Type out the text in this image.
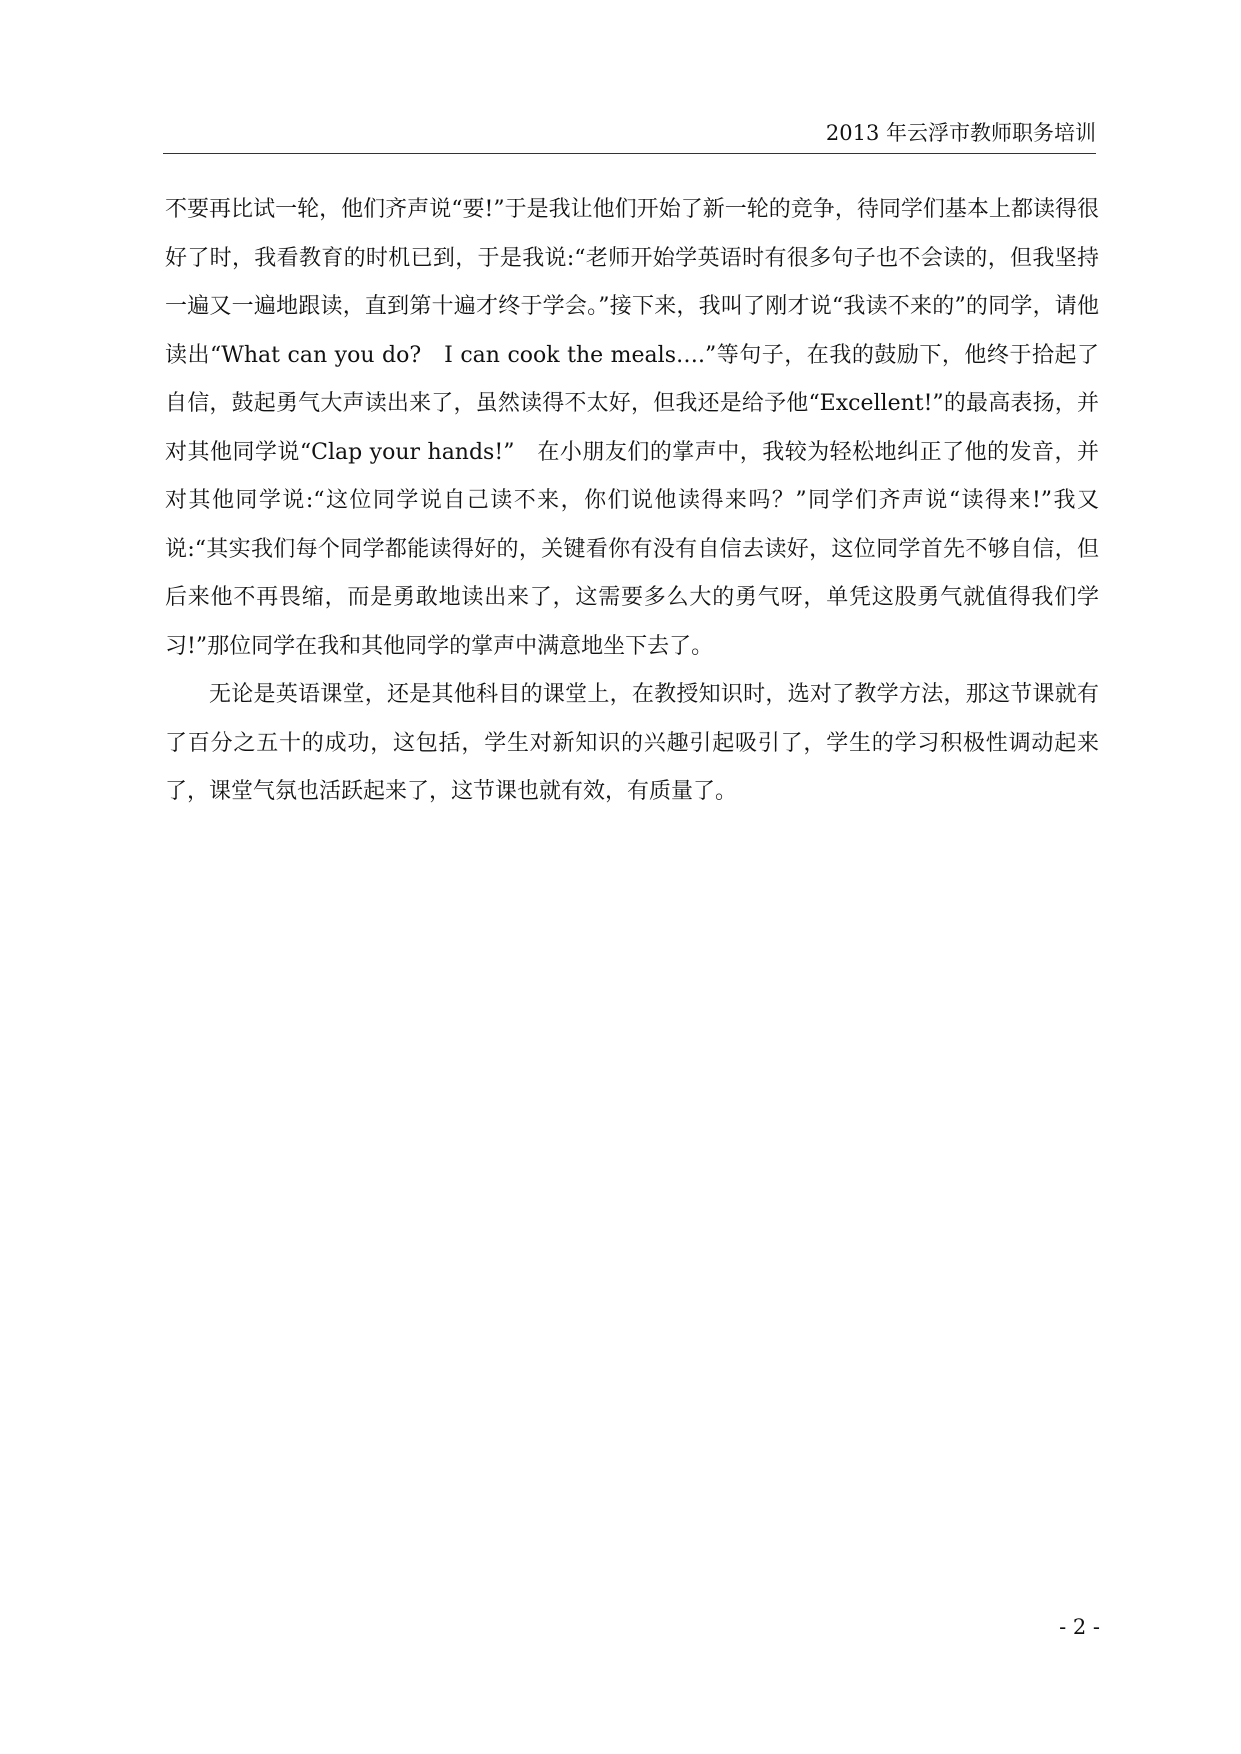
2013 年云浮市教师职务培训

不要再比试一轮，他们齐声说“要!”于是我让他们开始了新一轮的竞争，待同学们基本上都读得很好了时，我看教育的时机已到，于是我说:“老师开始学英语时有很多句子也不会读的，但我坚持一遍又一遍地跟读，直到第十遍才终于学会。”接下来，我叫了刚才说“我读不来的”的同学，请他读出“What can you do?　I can cook the meals….”等句子，在我的鼓励下，他终于拾起了自信，鼓起勇气大声读出来了，虽然读得不太好，但我还是给予他“Excellent!”的最高表扬，并对其他同学说“Clap your hands!”　在小朋友们的掌声中，我较为轻松地纠正了他的发音，并对其他同学说:“这位同学说自己读不来，你们说他读得来吗？”同学们齐声说“读得来!”我又说:“其实我们每个同学都能读得好的，关键看你有没有自信去读好，这位同学首先不够自信，但后来他不再畏缩，而是勇敢地读出来了，这需要多么大的勇气呀，单凭这股勇气就值得我们学习!”那位同学在我和其他同学的掌声中满意地坐下去了。

无论是英语课堂，还是其他科目的课堂上，在教授知识时，选对了教学方法，那这节课就有了百分之五十的成功，这包括，学生对新知识的兴趣引起吸引了，学生的学习积极性调动起来了，课堂气氛也活跃起来了，这节课也就有效，有质量了。

- 2 -
